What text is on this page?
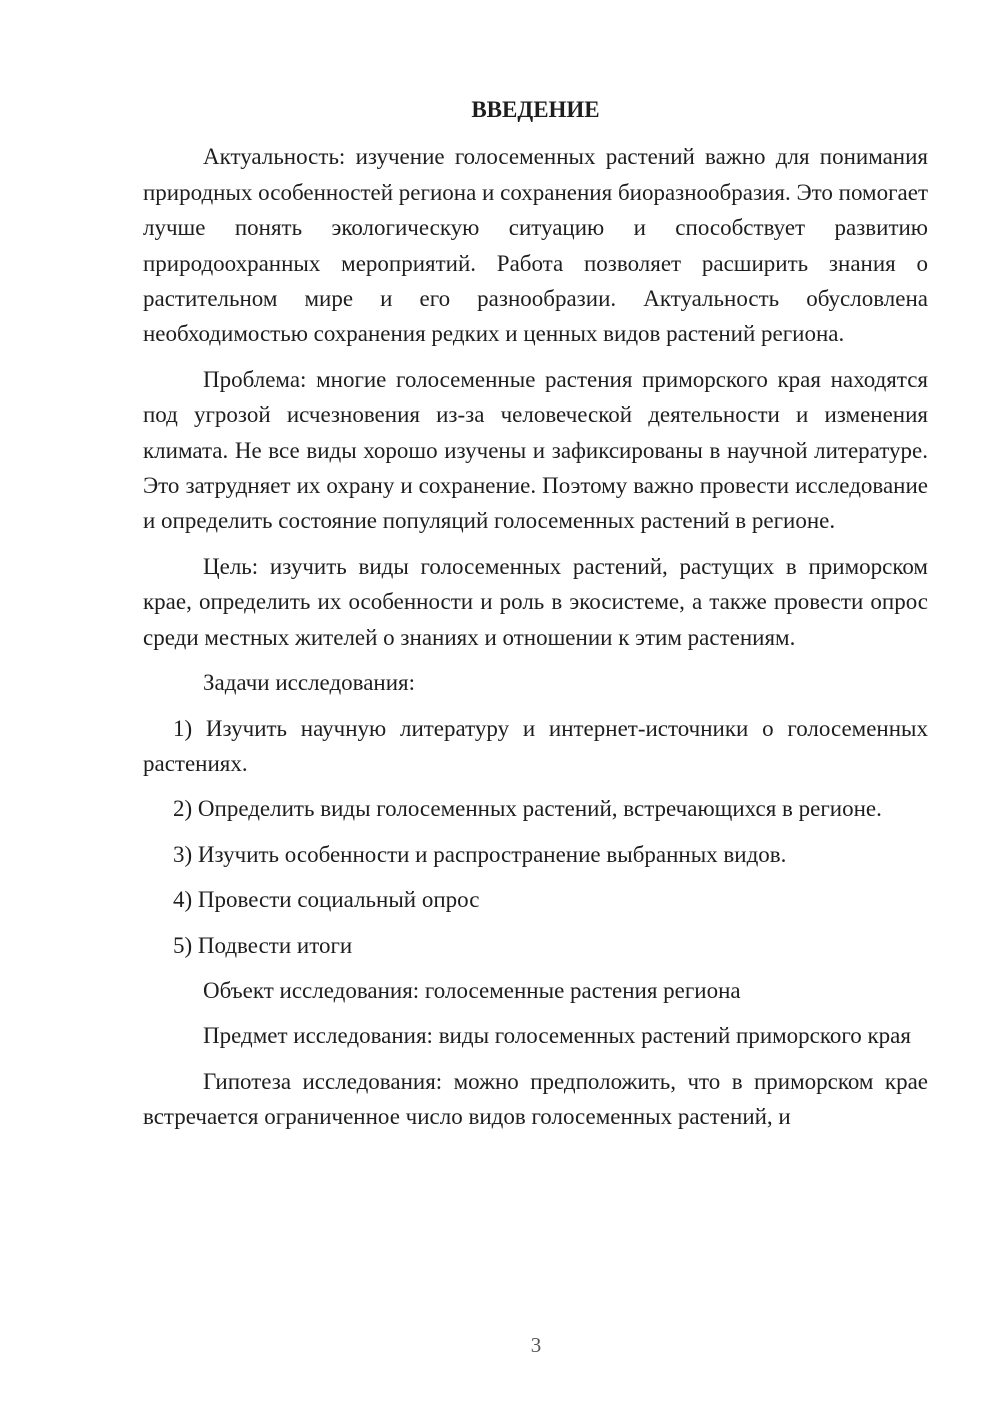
ВВЕДЕНИЕ

Актуальность: изучение голосеменных растений важно для понимания природных особенностей региона и сохранения биоразнообразия. Это помогает лучше понять экологическую ситуацию и способствует развитию природоохранных мероприятий. Работа позволяет расширить знания о растительном мире и его разнообразии. Актуальность обусловлена необходимостью сохранения редких и ценных видов растений региона.

Проблема: многие голосеменные растения приморского края находятся под угрозой исчезновения из-за человеческой деятельности и изменения климата. Не все виды хорошо изучены и зафиксированы в научной литературе. Это затрудняет их охрану и сохранение. Поэтому важно провести исследование и определить состояние популяций голосеменных растений в регионе.

Цель: изучить виды голосеменных растений, растущих в приморском крае, определить их особенности и роль в экосистеме, а также провести опрос среди местных жителей о знаниях и отношении к этим растениям.

Задачи исследования:

1) Изучить научную литературу и интернет-источники о голосеменных растениях.

2) Определить виды голосеменных растений, встречающихся в регионе.

3) Изучить особенности и распространение выбранных видов.

4) Провести социальный опрос

5) Подвести итоги

Объект исследования: голосеменные растения региона

Предмет исследования: виды голосеменных растений приморского края

Гипотеза исследования: можно предположить, что в приморском крае встречается ограниченное число видов голосеменных растений, и

3
